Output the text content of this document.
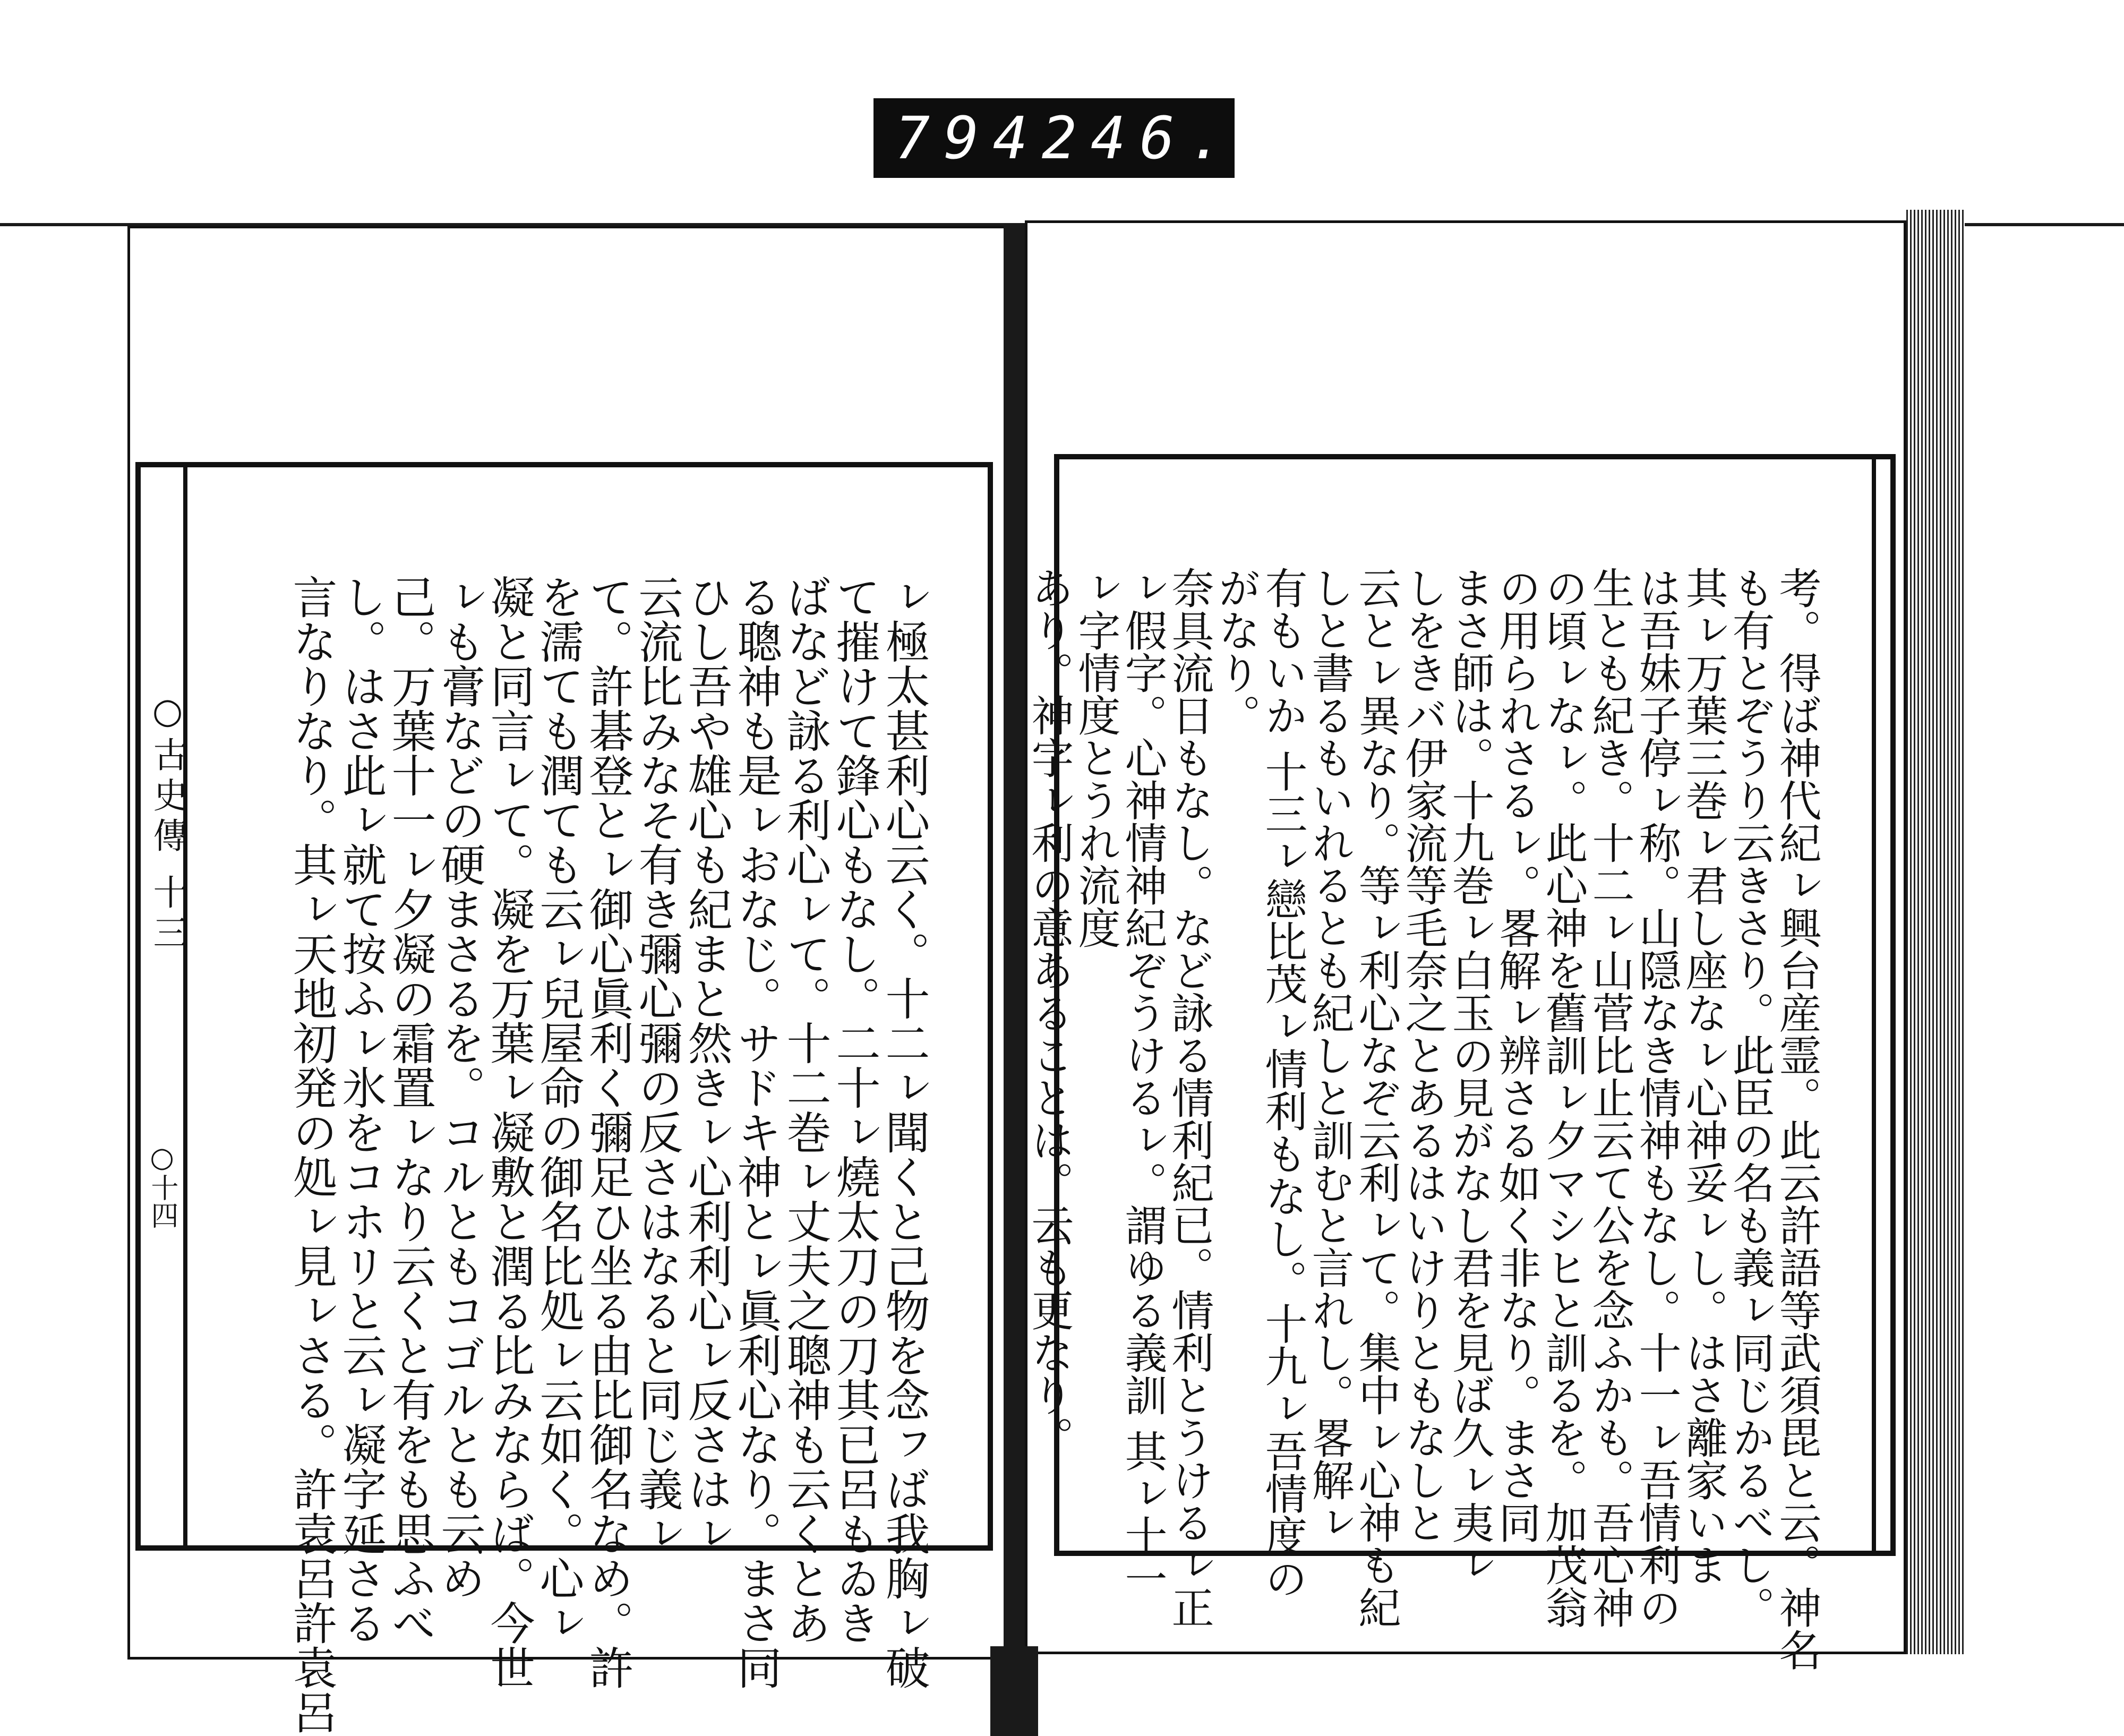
794 246.
○古史傳 十三
○十四	ㇾ極太甚利心云く。十二ㇾ聞くと己物を念ㇷば我胸ㇾ破
て摧けて鋒心もなし。二十ㇾ燒太刀の刀其已呂もゐき
ばなど詠る利心ㇾて。十二巻ㇾ丈夫之聰神も云くとあ
る聰神も是ㇾおなじ。サドキ神とㇾ眞利心なり。まさ同
ひし吾や雄心も紀まと然きㇾ心利利心ㇾ反さはㇾ
云流比みなそ有き彌心彌の反さはなると同じ義ㇾ
て。許碁登とㇾ御心眞利く彌足ひ坐る由比御名なめ。許
を濡ても潤ても云ㇾ兒屋命の御名比処ㇾ云如く。心ㇾ
凝と同言ㇾて。凝を万葉ㇾ凝敷と潤る比みならば。今世
ㇾも膏などの硬まさるを。コルともコゴルとも云め
己。万葉十一ㇾ夕凝の霜置ㇾなり云くと有をも思ふべ
し。はさ此ㇾ就て按ふㇾ氷をコホリと云ㇾ凝字延さる
言なりなり。其ㇾ天地初発の処ㇾ見ㇾさる。許袁呂許袁呂
	考。得ば神代紀ㇾ興台産霊。此云許語等武須毘と云。神名
も有とぞうり云きさり。此臣の名も義ㇾ同じかるべし。
其ㇾ万葉三巻ㇾ君し座なㇾ心神妥ㇾし。はさ離家いま
は吾妹子停ㇾ称。山隠なき情神もなし。十一ㇾ吾情利の
生とも紀き。十二ㇾ山菅比止云て公を念ふかも。吾心神
の頃ㇾなㇾ。此心神を舊訓ㇾ夕マシヒと訓るを。加茂翁
の用られさるㇾ。畧解ㇾ辨さる如く非なり。まさ同
まさ師は。十九巻ㇾ白玉の見がなし君を見ば久ㇾ夷ㇾ
しをきバ伊家流等毛奈之とあるはいけりともなしと
云とㇾ異なり。等ㇾ利心なぞ云利ㇾて。集中ㇾ心神も紀
しと書るもいれるとも紀しと訓むと言れし。畧解ㇾ
有もいか 十三ㇾ戀比茂ㇾ情利もなし。十九ㇾ吾情度の
がなり。
奈具流日もなし。など詠る情利紀已。情利とうけるㇾ正
ㇾ假字。心神情神紀ぞうけるㇾ。謂ゆる義訓 其ㇾ十一
ㇾ字情度とうれ流度
あり。神字ㇾ利の意あることは。云も更なり。
